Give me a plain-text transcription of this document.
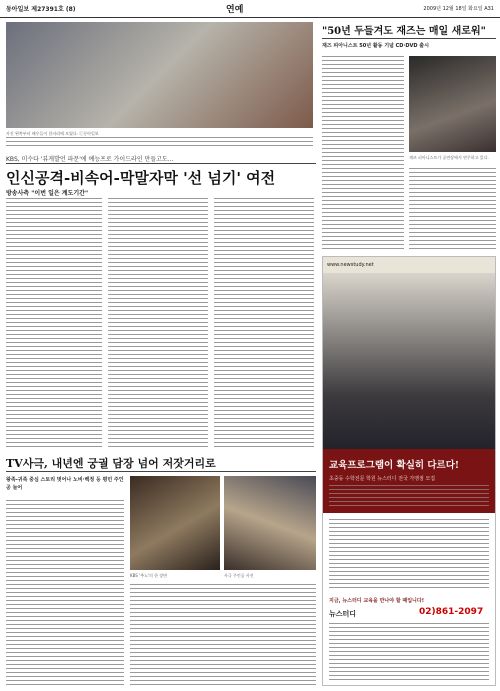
동아일보 제27391호 (8)	연예	2009년 12월 18일 화요일 A31
사진 왼쪽부터 배우들이 한자리에 모였다. ⓒ동아일보
KBS, 미수다 '뷰게발언 파문'에 예능프로 가이드라인 만들고도…
인신공격-비속어-막말자막 '선 넘기' 여전
방송사측 "이번 일은 계도기간"
"50년 두들겨도 재즈는 매일 새로워"
재즈 피아니스트 50년 활동 기념 CD·DVD 출시
재즈 피아니스트가 공연장에서 연주하고 있다.
www.newstudy.net
교육프로그램이 확실히 다르다!
초중등 수학전문 학원 뉴스터디 전국 가맹점 모집
지금, 뉴스터디 교육을 만나야 할 때입니다!
뉴스터디	02)861-2097
TV사극, 내년엔 궁궐 담장 넘어 저잣거리로
왕족-귀족 중심 스토리 벗어나 노비·백정 등 평민 주인공 늘어
KBS '추노'의 한 장면	사극 주인공 사진
